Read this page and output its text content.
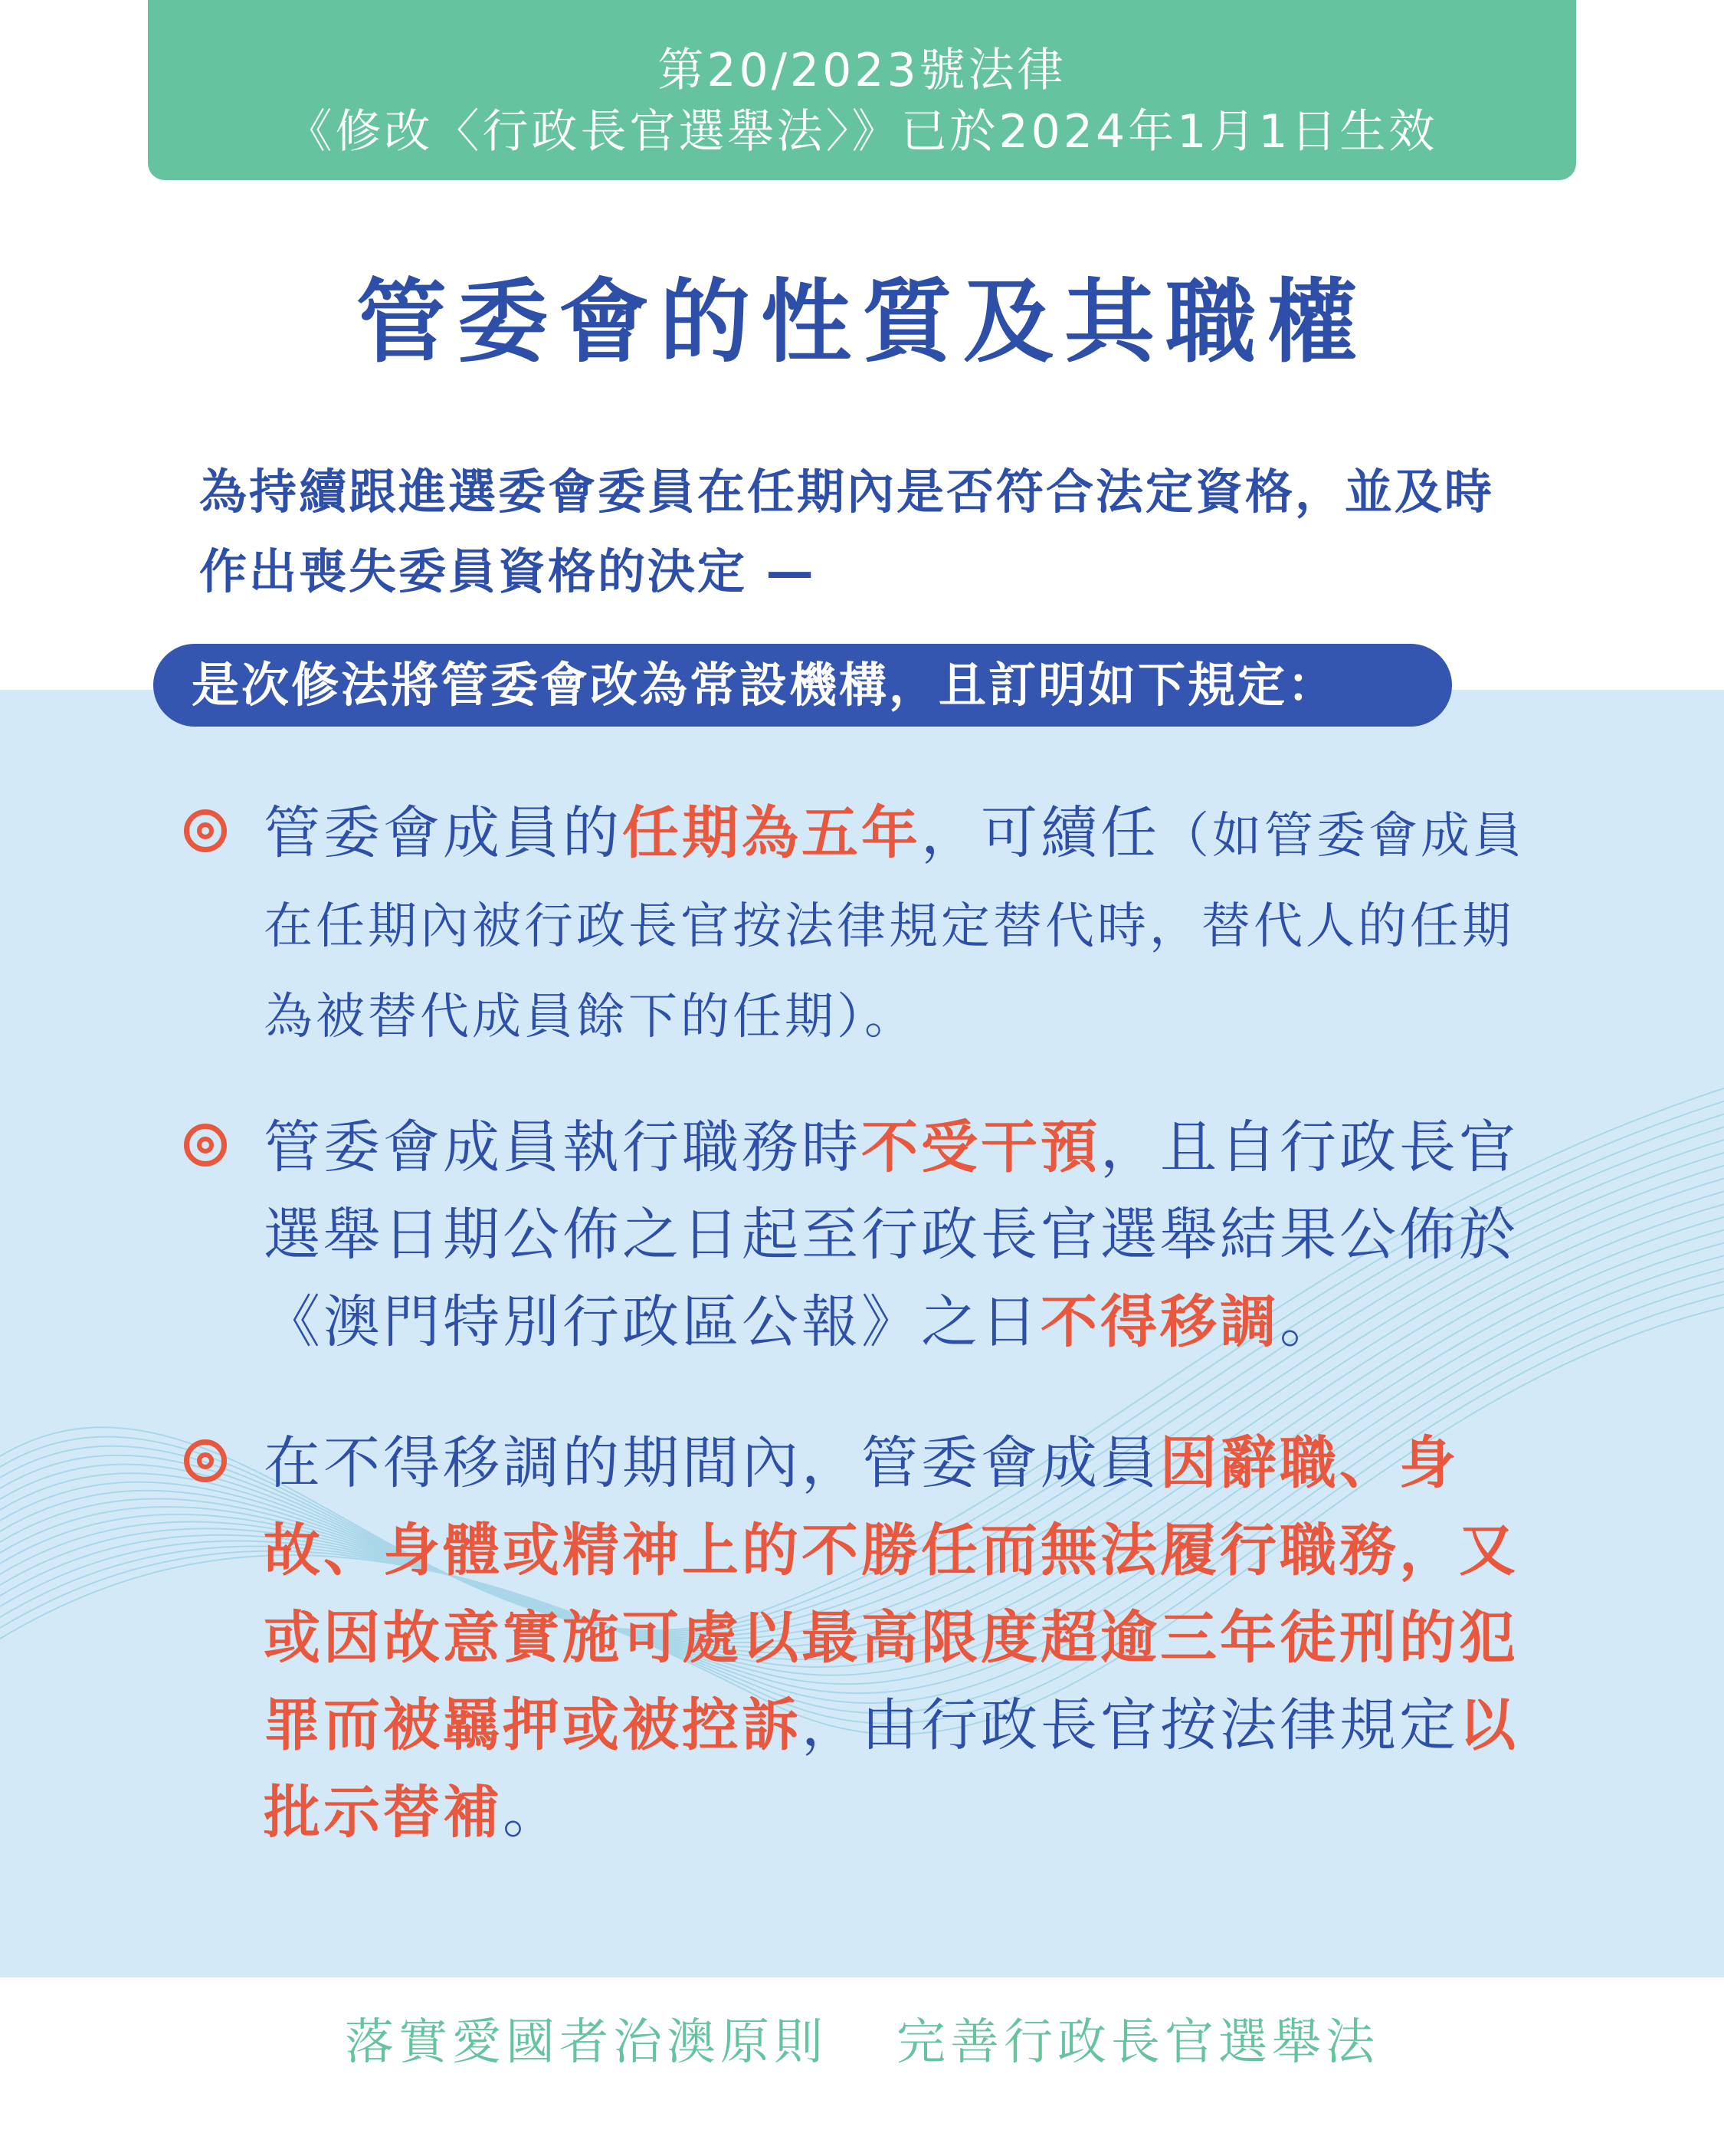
第20/2023號法律
《修改〈行政長官選舉法〉》已於2024年1月1日生效
管委會的性質及其職權
為持續跟進選委會委員在任期內是否符合法定資格，並及時
作出喪失委員資格的決定 —
是次修法將管委會改為常設機構，且訂明如下規定：
管委會成員的任期為五年，可續任（如管委會成員在任期內被行政長官按法律規定替代時，替代人的任期為被替代成員餘下的任期）。
管委會成員執行職務時不受干預，且自行政長官選舉日期公佈之日起至行政長官選舉結果公佈於《澳門特別行政區公報》之日不得移調。
在不得移調的期間內，管委會成員因辭職、身故、身體或精神上的不勝任而無法履行職務，又或因故意實施可處以最高限度超逾三年徒刑的犯罪而被羈押或被控訴，由行政長官按法律規定以批示替補。
落實愛國者治澳原則 完善行政長官選舉法
